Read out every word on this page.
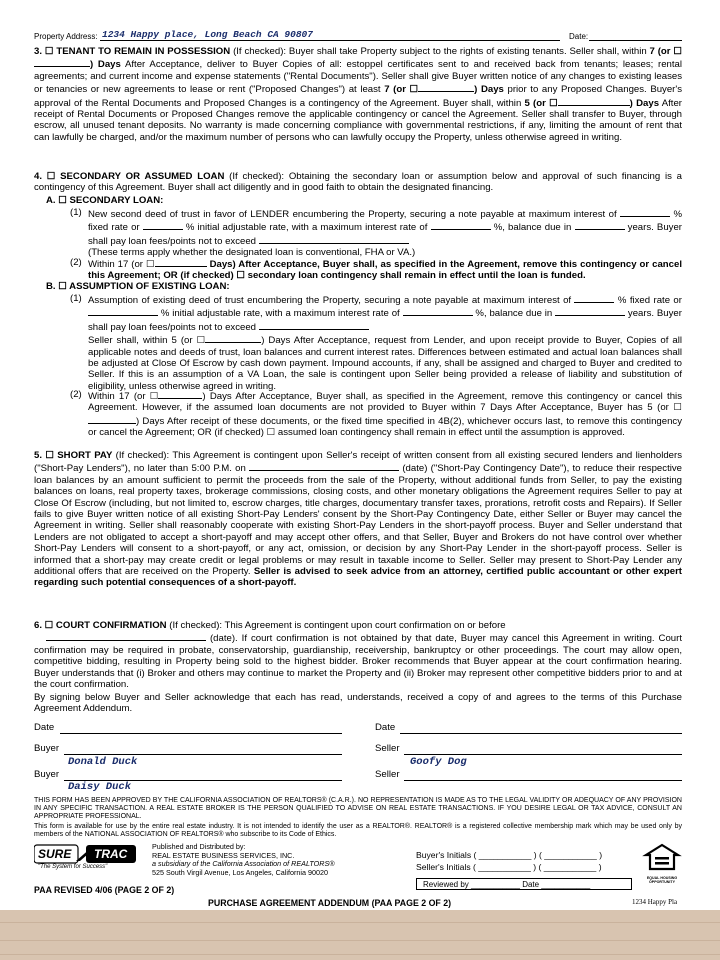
Property Address: 1234 Happy place, Long Beach CA 90807	Date:
3. ☐ TENANT TO REMAIN IN POSSESSION (If checked): Buyer shall take Property subject to the rights of existing tenants. Seller shall, within 7 (or ☐) Days After Acceptance, deliver to Buyer Copies of all: estoppel certificates sent to and received back from tenants; leases; rental agreements; and current income and expense statements ("Rental Documents"). Seller shall give Buyer written notice of any changes to existing leases or tenancies or new agreements to lease or rent ("Proposed Changes") at least 7 (or ☐	) Days prior to any Proposed Changes. Buyer's approval of the Rental Documents and Proposed Changes is a contingency of the Agreement. Buyer shall, within 5 (or ☐	) Days After receipt of Rental Documents or Proposed Changes remove the applicable contingency or cancel the Agreement. Seller shall transfer to Buyer, through escrow, all unused tenant deposits. No warranty is made concerning compliance with governmental restrictions, if any, limiting the amount of rent that can lawfully be charged, and/or the maximum number of persons who can lawfully occupy the Property, unless otherwise agreed in writing.
4. ☐ SECONDARY OR ASSUMED LOAN (If checked): Obtaining the secondary loan or assumption below and approval of such financing is a contingency of this Agreement. Buyer shall act diligently and in good faith to obtain the designated financing.
A. ☐ SECONDARY LOAN:
(1) New second deed of trust in favor of LENDER encumbering the Property, securing a note payable at maximum interest of	% fixed rate or	% initial adjustable rate, with a maximum interest rate of	%, balance due in	years. Buyer shall pay loan fees/points not to exceed
(These terms apply whether the designated loan is conventional, FHA or VA.)
(2) Within 17 (or ☐	Days) After Acceptance, Buyer shall, as specified in the Agreement, remove this contingency or cancel this Agreement; OR (if checked) ☐ secondary loan contingency shall remain in effect until the loan is funded.
B. ☐ ASSUMPTION OF EXISTING LOAN:
(1) Assumption of existing deed of trust encumbering the Property, securing a note payable at maximum interest of	% fixed rate or  % initial adjustable rate, with a maximum interest rate of	%, balance due in	years. Buyer shall pay loan fees/points not to exceed
Seller shall, within 5 (or ☐	) Days After Acceptance, request from Lender, and upon receipt provide to Buyer, Copies of all applicable notes and deeds of trust, loan balances and current interest rates. Differences between estimated and actual loan balances shall be adjusted at Close Of Escrow by cash down payment. Impound accounts, if any, shall be assigned and charged to Buyer and credited to Seller. If this is an assumption of a VA Loan, the sale is contingent upon Seller being provided a release of liability and substitution of eligibility, unless otherwise agreed in writing.
(2) Within 17 (or ☐	) Days After Acceptance, Buyer shall, as specified in the Agreement, remove this contingency or cancel this Agreement. However, if the assumed loan documents are not provided to Buyer within 7 Days After Acceptance, Buyer has 5 (or ☐) Days After receipt of these documents, or the fixed time specified in 4B(2), whichever occurs last, to remove this contingency or cancel the Agreement; OR (if checked) ☐ assumed loan contingency shall remain in effect until the assumption is approved.
5. ☐ SHORT PAY (If checked): This Agreement is contingent upon Seller's receipt of written consent from all existing secured lenders and lienholders ("Short-Pay Lenders"), no later than 5:00 P.M. on	(date) ("Short-Pay Contingency Date"), to reduce their respective loan balances by an amount sufficient to permit the proceeds from the sale of the Property, without additional funds from Seller, to pay the existing balances on loans, real property taxes, brokerage commissions, closing costs, and other monetary obligations the Agreement requires Seller to pay at Close Of Escrow (including, but not limited to, escrow charges, title charges, documentary transfer taxes, prorations, retrofit costs and Repairs). If Seller fails to give Buyer written notice of all existing Short-Pay Lenders' consent by the Short-Pay Contingency Date, either Seller or Buyer may cancel the Agreement in writing. Seller shall reasonably cooperate with existing Short-Pay Lenders in the short-payoff process. Buyer and Seller understand that Lenders are not obligated to accept a short-payoff and may accept other offers, and that Seller, Buyer and Brokers do not have control over whether Short-Pay Lenders will consent to a short-payoff, or any act, omission, or decision by any Short-Pay Lender in the short-payoff process. Seller is informed that a short-pay may create credit or legal problems or may result in taxable income to Seller. Seller may present to Short-Pay Lender any additional offers that are received on the Property. Seller is advised to seek advice from an attorney, certified public accountant or other expert regarding such potential consequences of a short-payoff.
6. ☐ COURT CONFIRMATION (If checked): This Agreement is contingent upon court confirmation on or before
(date). If court confirmation is not obtained by that date, Buyer may cancel this Agreement in writing. Court confirmation may be required in probate, conservatorship, guardianship, receivership, bankruptcy or other proceedings. The court may allow open, competitive bidding, resulting in Property being sold to the highest bidder. Broker recommends that Buyer appear at the court confirmation hearing. Buyer understands that (i) Broker and others may continue to market the Property and (ii) Broker may represent other competitive bidders prior to and at the court confirmation.
By signing below Buyer and Seller acknowledge that each has read, understands, received a copy of and agrees to the terms of this Purchase Agreement Addendum.
Date	Date
Buyer
Donald Duck
Seller
Goofy Dog
Buyer
Daisy Duck
Seller
THIS FORM HAS BEEN APPROVED BY THE CALIFORNIA ASSOCIATION OF REALTORS® (C.A.R.). NO REPRESENTATION IS MADE AS TO THE LEGAL VALIDITY OR ADEQUACY OF ANY PROVISION IN ANY SPECIFIC TRANSACTION. A REAL ESTATE BROKER IS THE PERSON QUALIFIED TO ADVISE ON REAL ESTATE TRANSACTIONS. IF YOU DESIRE LEGAL OR TAX ADVICE, CONSULT AN APPROPRIATE PROFESSIONAL.
This form is available for use by the entire real estate industry. It is not intended to identify the user as a REALTOR®. REALTOR® is a registered collective membership mark which may be used only by members of the NATIONAL ASSOCIATION OF REALTORS® who subscribe to its Code of Ethics.
SURE TRAC
"The System for Success"
Published and Distributed by:
REAL ESTATE BUSINESS SERVICES, INC.
a subsidiary of the California Association of REALTORS®
525 South Virgil Avenue, Los Angeles, California 90020
Buyer's Initials ( ___________ ) ( ___________ )
Seller's Initials ( ___________ ) ( ___________ )
Reviewed by ___________ Date ___________
EQUAL HOUSING OPPORTUNITY
PAA REVISED 4/06 (PAGE 2 OF 2)
PURCHASE AGREEMENT ADDENDUM (PAA PAGE 2 OF 2)	1234 Happy Pla
